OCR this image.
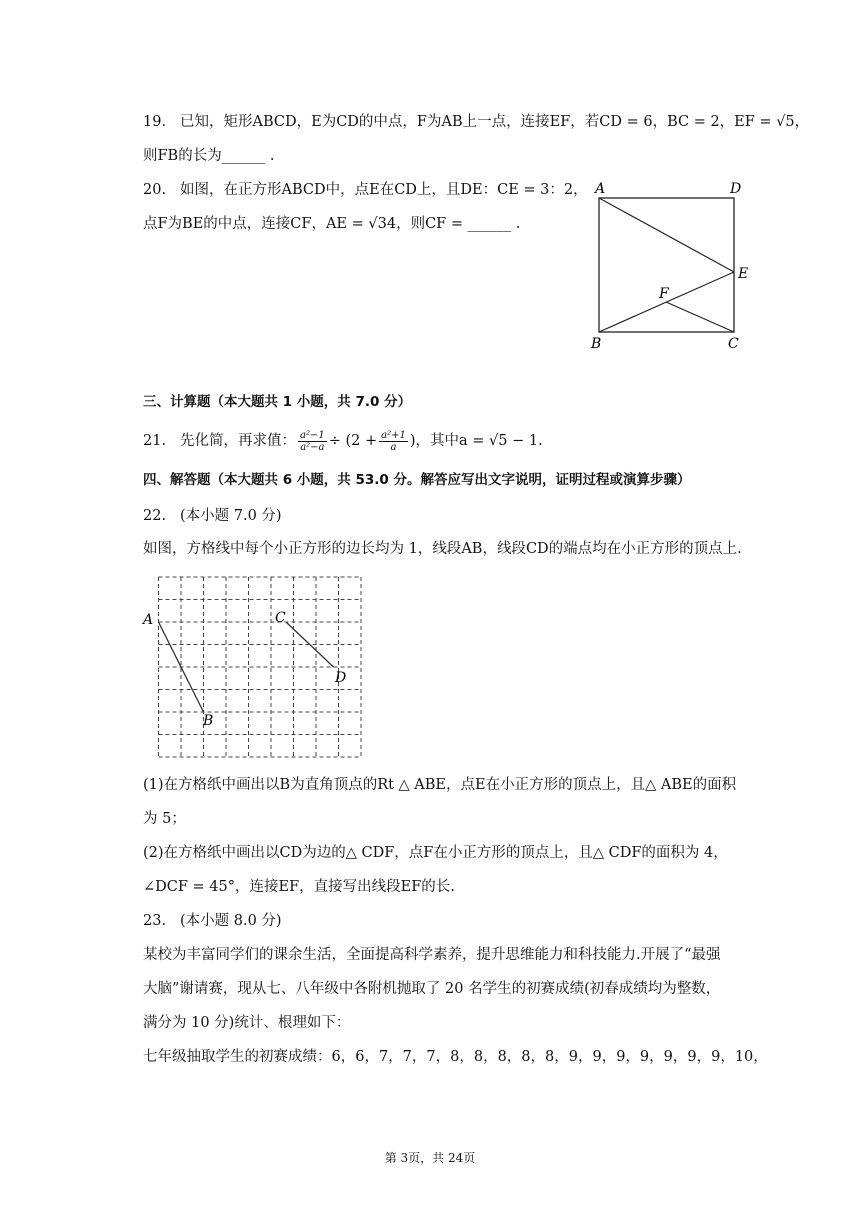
19. 已知，矩形ABCD，E为CD的中点，F为AB上一点，连接EF，若CD = 6，BC = 2，EF = √5，
则FB的长为______ .
20. 如图，在正方形ABCD中，点E在CD上，且DE：CE = 3：2，
点F为BE的中点，连接CF，AE = √34，则CF = ______ .
A	D
E
F
B	C
三、计算题（本大题共 1 小题，共 7.0 分）
21. 先化简，再求值： $\frac{\text{a²−1}}{\text{a²−a}} \div (2 + \frac{\text{a²+1}}{a}$ )，其中a = √5 − 1.
四、解答题（本大题共 6 小题，共 53.0 分。解答应写出文字说明，证明过程或演算步骤）
22. (本小题 7.0 分)
如图，方格线中每个小正方形的边长均为 1，线段AB，线段CD的端点均在小正方形的顶点上.
A
B
C
D
(1)在方格纸中画出以B为直角顶点的Rt △ ABE，点E在小正方形的顶点上，且△ ABE的面积
为 5；
(2)在方格纸中画出以CD为边的△ CDF，点F在小正方形的顶点上，且△ CDF的面积为 4，
∠DCF = 45°，连接EF，直接写出线段EF的长.
23. (本小题 8.0 分)
某校为丰富同学们的课余生活，全面提高科学素养，提升思维能力和科技能力.开展了“最强
大脑”谢请赛，现从七、八年级中各附机抛取了 20 名学生的初赛成绩(初春成绩均为整数，
满分为 10 分)统计、根理如下：
七年级抽取学生的初赛成绩：6，6，7，7，7，8，8，8，8，8，9，9，9，9，9，9，9，10，
第 3页，共 24页
